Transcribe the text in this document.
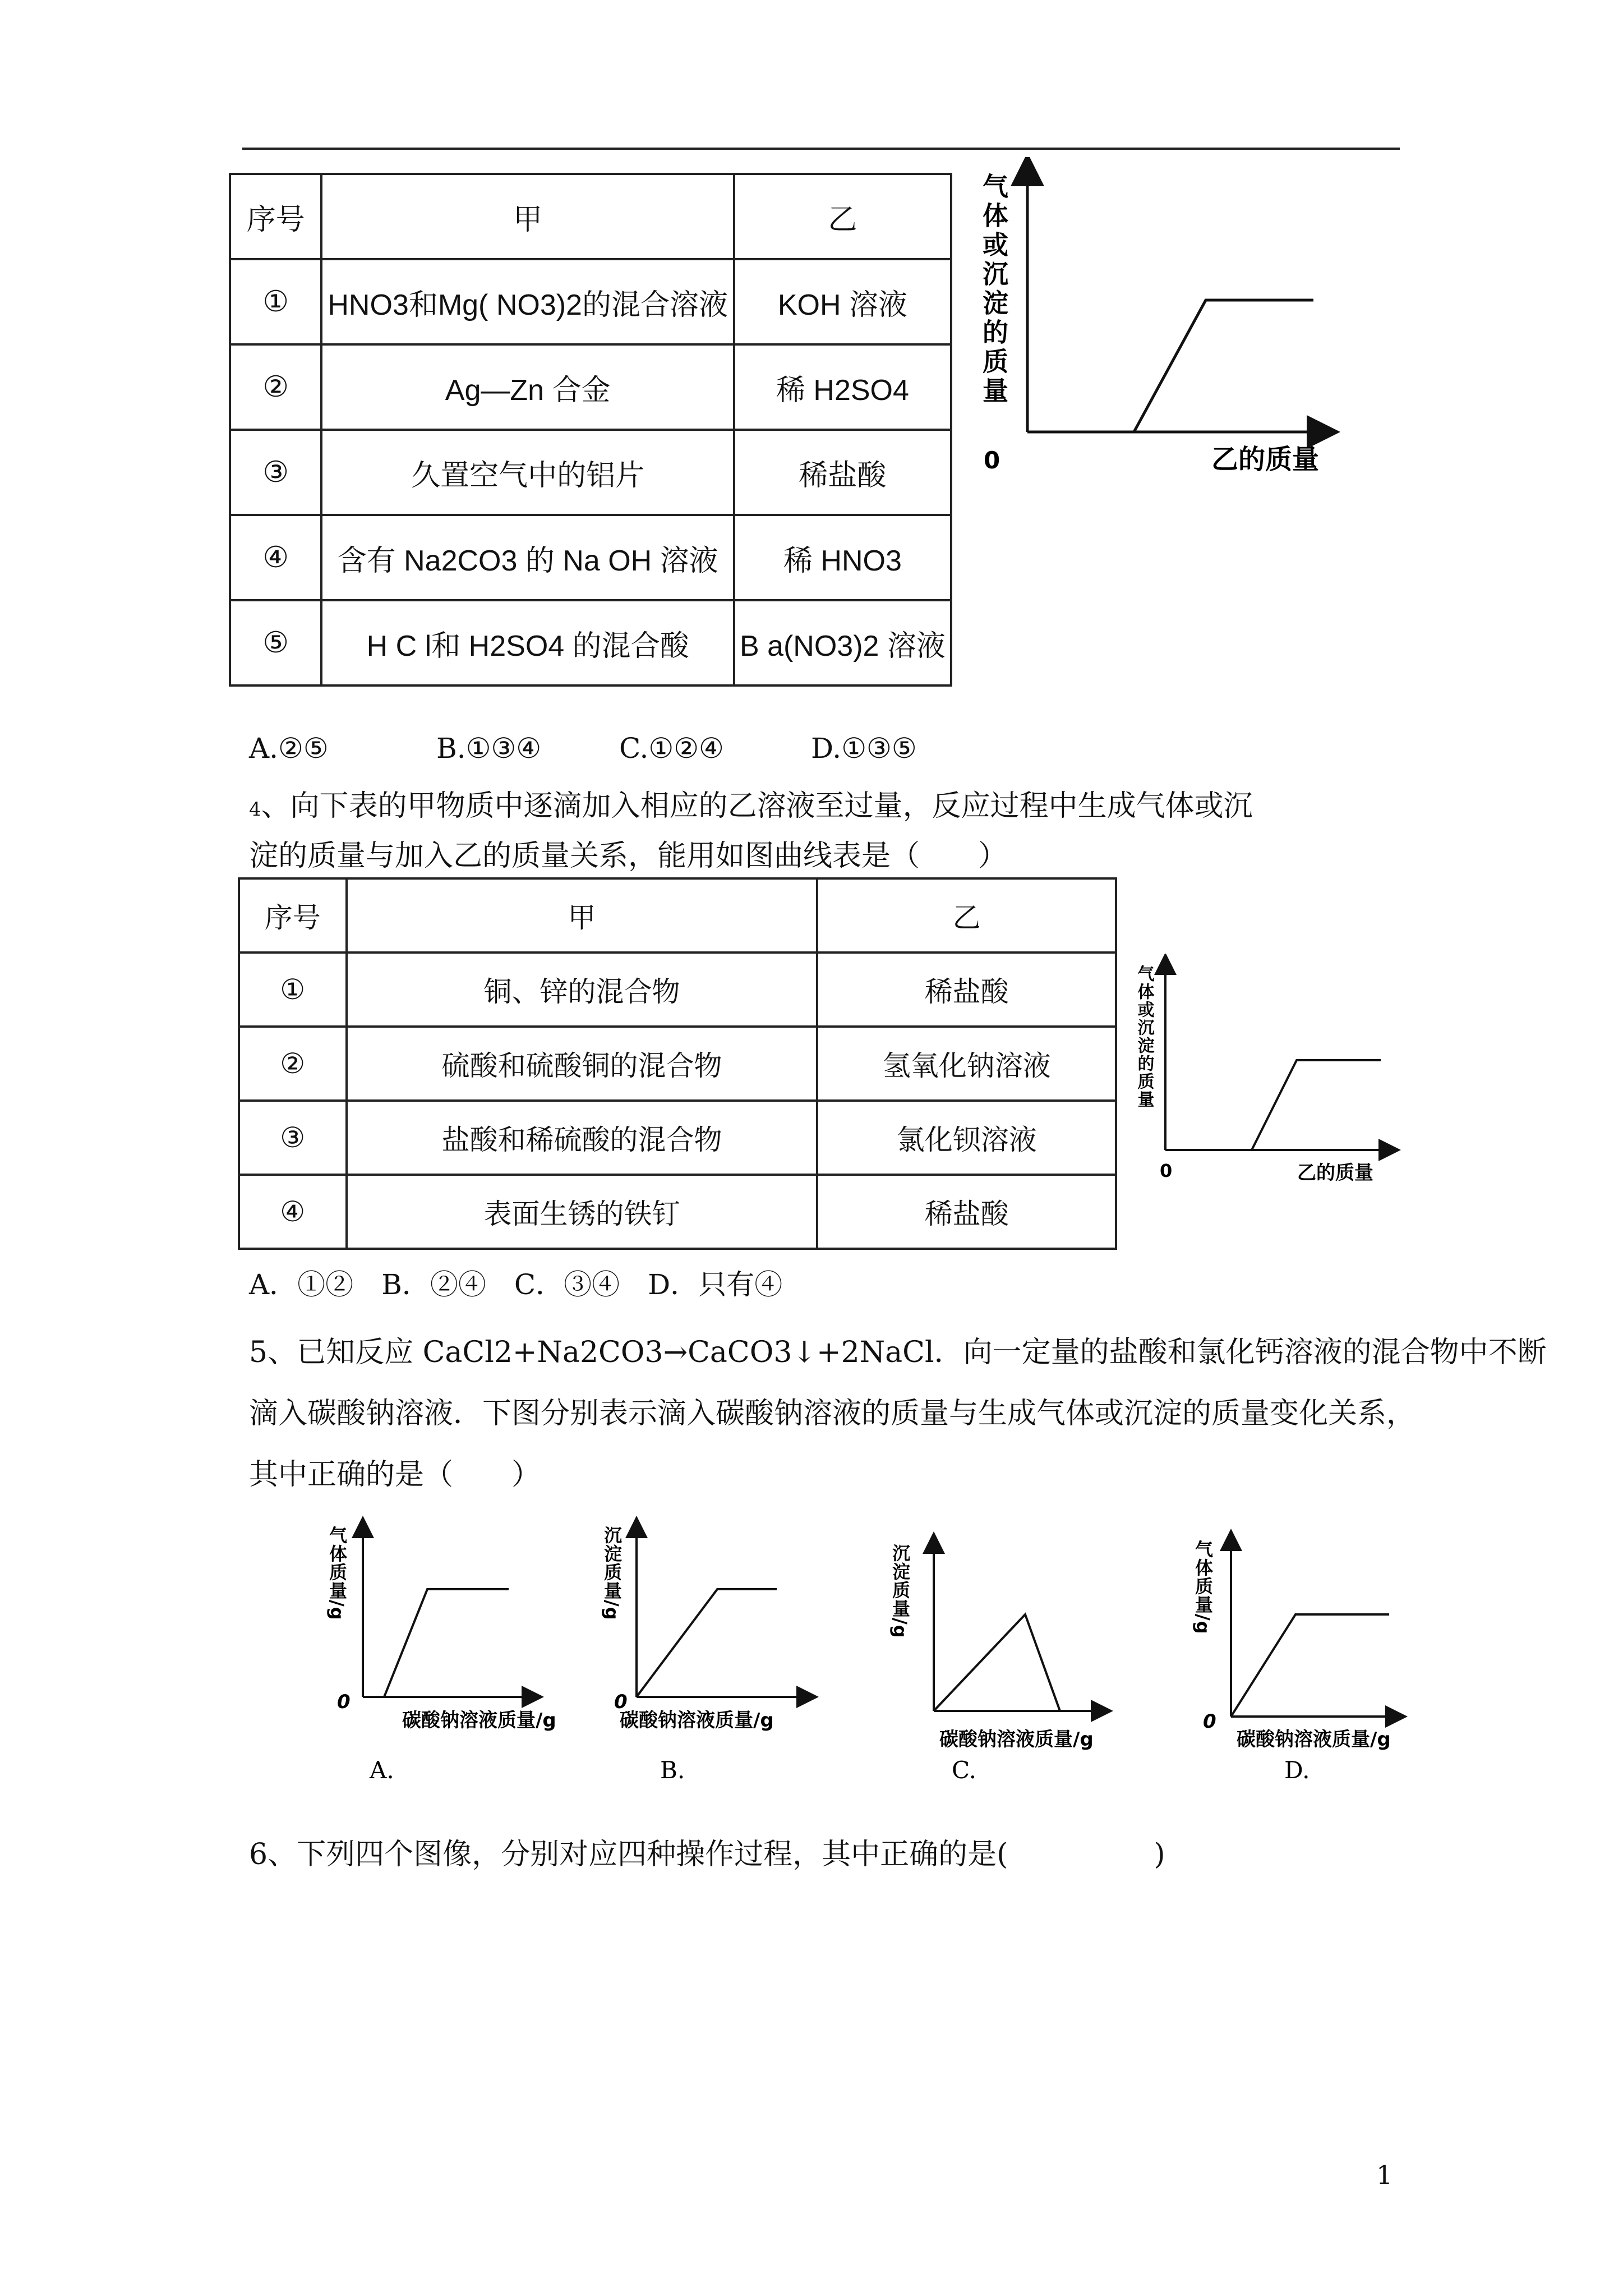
序号	甲	乙
①	HNO3和Mg( NO3)2的混合溶液	KOH 溶液
②	Ag—Zn 合金	稀 H2SO4
③	久置空气中的铝片	稀盐酸
④	含有 Na2CO3 的 Na OH 溶液	稀 HNO3
⑤	H C l和 H2SO4 的混合酸	B a(NO3)2 溶液
0	乙的质量
气体或沉淀的质量
A.②⑤	B.①③④	C.①②④	D.①③⑤
4、向下表的甲物质中逐滴加入相应的乙溶液至过量，反应过程中生成气体或沉
淀的质量与加入乙的质量关系，能用如图曲线表是（　　）
序号	甲	乙
①	铜、锌的混合物	稀盐酸
②	硫酸和硫酸铜的混合物	氢氧化钠溶液
③	盐酸和稀硫酸的混合物	氯化钡溶液
④	表面生锈的铁钉	稀盐酸
0	乙的质量
气体或沉淀的质量
A．①②　B．②④　C．③④　D．只有④
5、已知反应 CaCl2+Na2CO3→CaCO3↓+2NaCl．向一定量的盐酸和氯化钙溶液的混合物中不断
滴入碳酸钠溶液．下图分别表示滴入碳酸钠溶液的质量与生成气体或沉淀的质量变化关系，
其中正确的是（　　）
气体质量/g
0
碳酸钠溶液质量/g
A.
沉淀质量/g
0
碳酸钠溶液质量/g
B.
沉淀质量/g
碳酸钠溶液质量/g
C.
气体质量/g
0
碳酸钠溶液质量/g
D.
6、下列四个图像，分别对应四种操作过程，其中正确的是(　　　　　)
1
